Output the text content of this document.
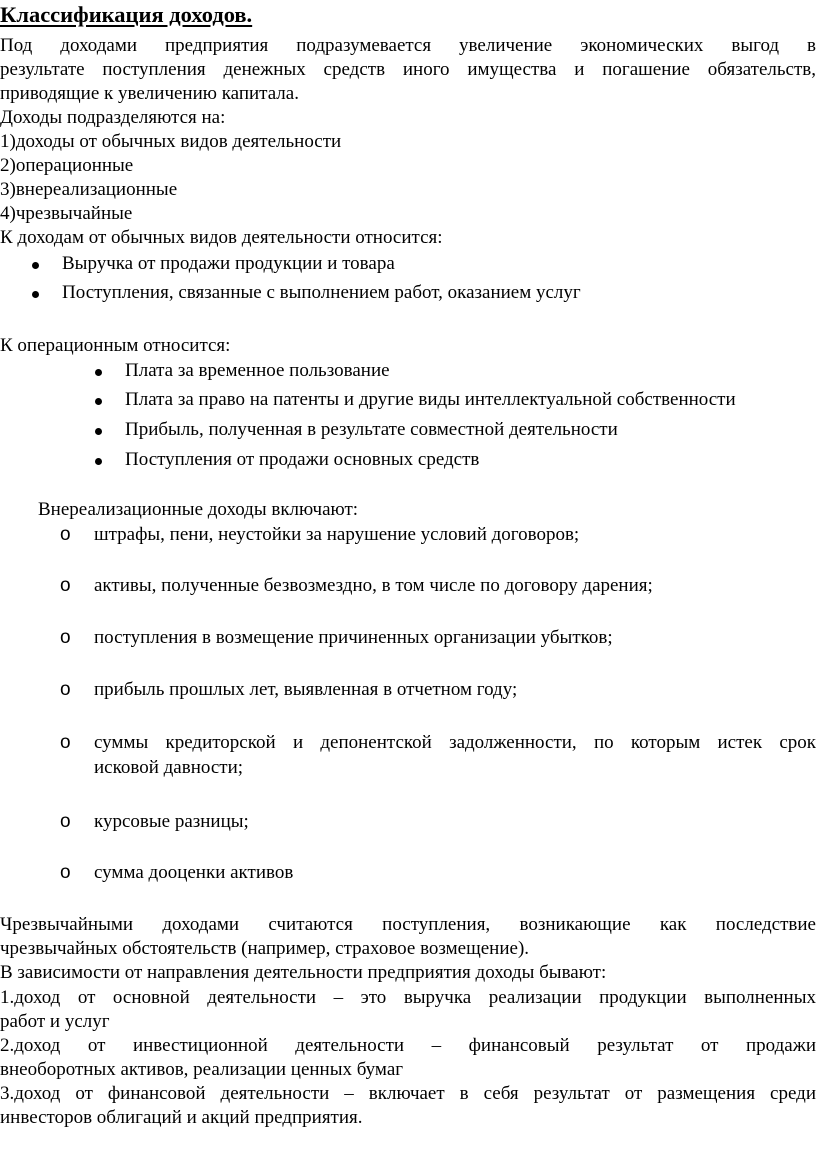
Классификация доходов.
Под доходами предприятия подразумевается увеличение экономических выгод в
результате поступления денежных средств иного имущества и погашение обязательств,
приводящие к увеличению капитала.
Доходы подразделяются на:
1)доходы от обычных видов деятельности
2)операционные
3)внереализационные
4)чрезвычайные
К доходам от обычных видов деятельности относится:
Выручка от продажи продукции и товара
Поступления, связанные с выполнением работ, оказанием услуг
К операционным относится:
Плата за временное пользование
Плата за право на патенты и другие виды интеллектуальной собственности
Прибыль, полученная в результате совместной деятельности
Поступления от продажи основных средств
Внереализационные доходы включают:
o штрафы, пени, неустойки за нарушение условий договоров;
o активы, полученные безвозмездно, в том числе по договору дарения;
o поступления в возмещение причиненных организации убытков;
o прибыль прошлых лет, выявленная в отчетном году;
o суммы кредиторской и депонентской задолженности, по которым истек срок
исковой давности;
o курсовые разницы;
o сумма дооценки активов
Чрезвычайными доходами считаются поступления, возникающие как последствие
чрезвычайных обстоятельств (например, страховое возмещение).
В зависимости от направления деятельности предприятия доходы бывают:
1.доход от основной деятельности – это выручка реализации продукции выполненных
работ и услуг
2.доход от инвестиционной деятельности – финансовый результат от продажи
внеоборотных активов, реализации ценных бумаг
3.доход от финансовой деятельности – включает в себя результат от размещения среди
инвесторов облигаций и акций предприятия.
